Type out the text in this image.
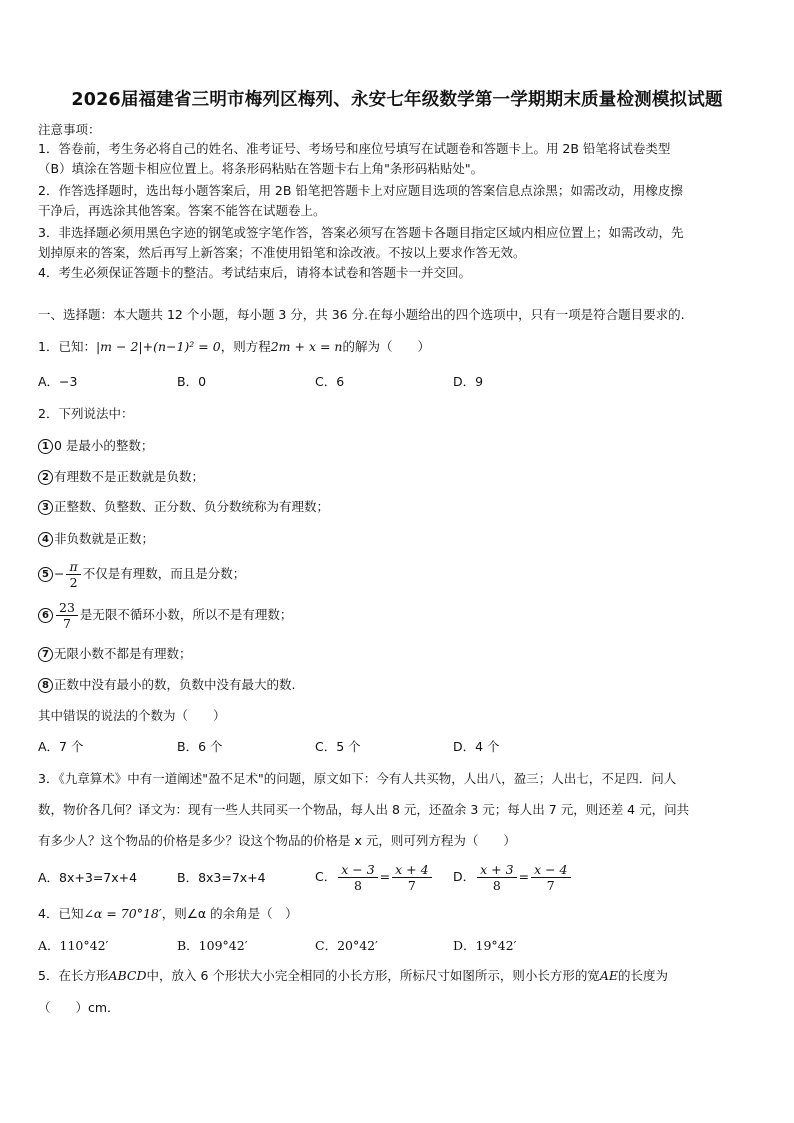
2026届福建省三明市梅列区梅列、永安七年级数学第一学期期末质量检测模拟试题
注意事项：
1．答卷前，考生务必将自己的姓名、准考证号、考场号和座位号填写在试题卷和答题卡上。用 2B 铅笔将试卷类型
（B）填涂在答题卡相应位置上。将条形码粘贴在答题卡右上角"条形码粘贴处"。
2．作答选择题时，选出每小题答案后，用 2B 铅笔把答题卡上对应题目选项的答案信息点涂黑；如需改动，用橡皮擦
干净后，再选涂其他答案。答案不能答在试题卷上。
3．非选择题必须用黑色字迹的钢笔或签字笔作答，答案必须写在答题卡各题目指定区域内相应位置上；如需改动，先
划掉原来的答案，然后再写上新答案；不准使用铅笔和涂改液。不按以上要求作答无效。
4．考生必须保证答题卡的整洁。考试结束后，请将本试卷和答题卡一并交回。
一、选择题：本大题共 12 个小题，每小题 3 分，共 36 分.在每小题给出的四个选项中，只有一项是符合题目要求的.
1．已知：|m − 2|+(n−1)² = 0，则方程2m + x = n的解为（　　）
A．−3	B．0	C．6	D．9
2．下列说法中：
1 0 是最小的整数；
2 有理数不是正数就是负数；
3 正整数、负整数、正分数、负分数统称为有理数；
4 非负数就是正数；
$5 - \frac{\pi}{2}$ 不仅是有理数，而且是分数；
$6 \frac{23}{7}$ 是无限不循环小数，所以不是有理数；
7 无限小数不都是有理数；
8 正数中没有最小的数，负数中没有最大的数.
其中错误的说法的个数为（　　）
A．7 个	B．6 个	C．5 个	D．4 个
3．《九章算术》中有一道阐述"盈不足术"的问题，原文如下：今有人共买物，人出八，盈三；人出七，不足四．问人
数，物价各几何？译文为：现有一些人共同买一个物品，每人出 8 元，还盈余 3 元；每人出 7 元，则还差 4 元，问共
有多少人？这个物品的价格是多少？设这个物品的价格是 x 元，则可列方程为（　　）
A．8x+3=7x+4	B．8x3=7x+4	C． $\frac{x - 3}{8} = \frac{x + 4}{7}$ D． $\frac{x + 3}{8} = \frac{x - 4}{7}$
4．已知∠α = 70°18′，则∠α 的余角是（　）
A．110°42′	B．109°42′	C．20°42′	D．19°42′
5．在长方形ABCD中，放入 6 个形状大小完全相同的小长方形，所标尺寸如图所示，则小长方形的宽AE的长度为
（　　）cm．
